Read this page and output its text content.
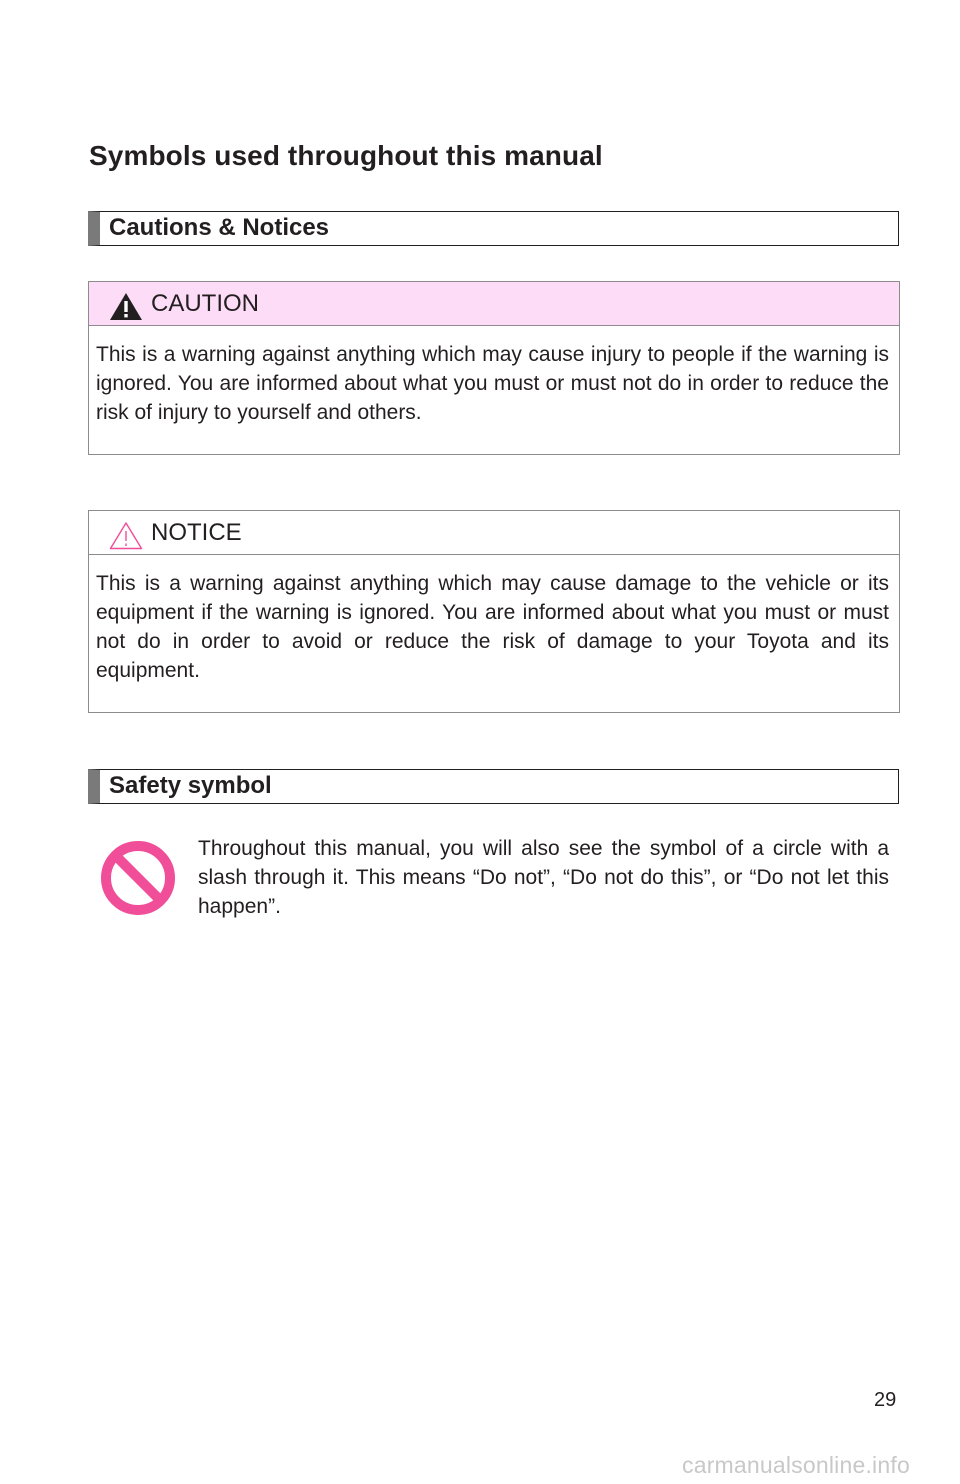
Symbols used throughout this manual
Cautions & Notices
CAUTION
This is a warning against anything which may cause injury to people if the warning is ignored. You are informed about what you must or must not do in order to reduce the risk of injury to yourself and others.
NOTICE
This is a warning against anything which may cause damage to the vehicle or its equipment if the warning is ignored. You are informed about what you must or must not do in order to avoid or reduce the risk of damage to your Toyota and its equipment.
Safety symbol

Throughout this manual, you will also see the symbol of a circle with a slash through it. This means “Do not”, “Do not do this”, or “Do not let this happen”.

29
carmanualsonline.info
